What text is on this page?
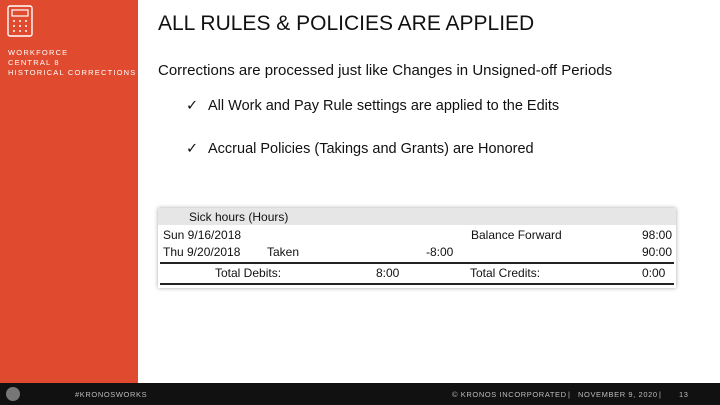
WORKFORCE
CENTRAL 8
HISTORICAL CORRECTIONS
ALL RULES & POLICIES ARE APPLIED
Corrections are processed just like Changes in Unsigned-off Periods
✓ All Work and Pay Rule settings are applied to the Edits
✓ Accrual Policies (Takings and Grants) are Honored
Sick hours (Hours)
Sun 9/16/2018	Balance Forward	98:00
Thu 9/20/2018 Taken	-8:00	90:00
Total Debits:	8:00	Total Credits:	0:00
#KRONOSWORKS	© KRONOS INCORPORATED | NOVEMBER 9, 2020 | 13
